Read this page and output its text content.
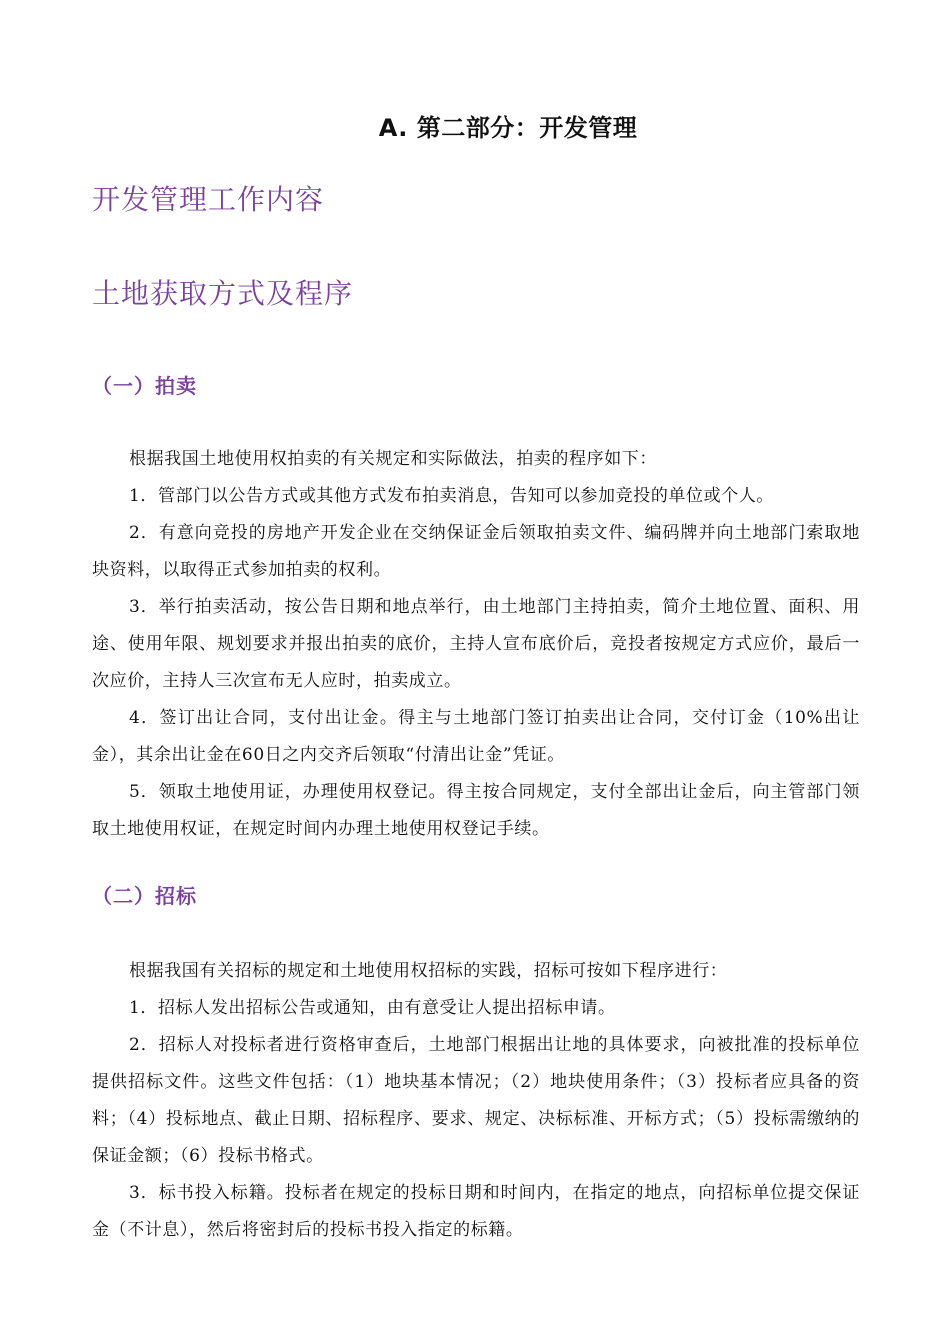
A. 第二部分：开发管理
开发管理工作内容
土地获取方式及程序
（一）拍卖

根据我国土地使用权拍卖的有关规定和实际做法，拍卖的程序如下：

1．管部门以公告方式或其他方式发布拍卖消息，告知可以参加竞投的单位或个人。

2．有意向竞投的房地产开发企业在交纳保证金后领取拍卖文件、编码牌并向土地部门索取地块资料，以取得正式参加拍卖的权利。

3．举行拍卖活动，按公告日期和地点举行，由土地部门主持拍卖，简介土地位置、面积、用途、使用年限、规划要求并报出拍卖的底价，主持人宣布底价后，竞投者按规定方式应价，最后一次应价，主持人三次宣布无人应时，拍卖成立。

4．签订出让合同，支付出让金。得主与土地部门签订拍卖出让合同，交付订金（10%出让金），其余出让金在60日之内交齐后领取“付清出让金”凭证。

5．领取土地使用证，办理使用权登记。得主按合同规定，支付全部出让金后，向主管部门领取土地使用权证，在规定时间内办理土地使用权登记手续。

（二）招标

根据我国有关招标的规定和土地使用权招标的实践，招标可按如下程序进行：

1．招标人发出招标公告或通知，由有意受让人提出招标申请。

2．招标人对投标者进行资格审查后，土地部门根据出让地的具体要求，向被批准的投标单位提供招标文件。这些文件包括：（1）地块基本情况；（2）地块使用条件；（3）投标者应具备的资料；（4）投标地点、截止日期、招标程序、要求、规定、决标标准、开标方式；（5）投标需缴纳的保证金额；（6）投标书格式。

3．标书投入标籍。投标者在规定的投标日期和时间内，在指定的地点，向招标单位提交保证金（不计息），然后将密封后的投标书投入指定的标籍。
